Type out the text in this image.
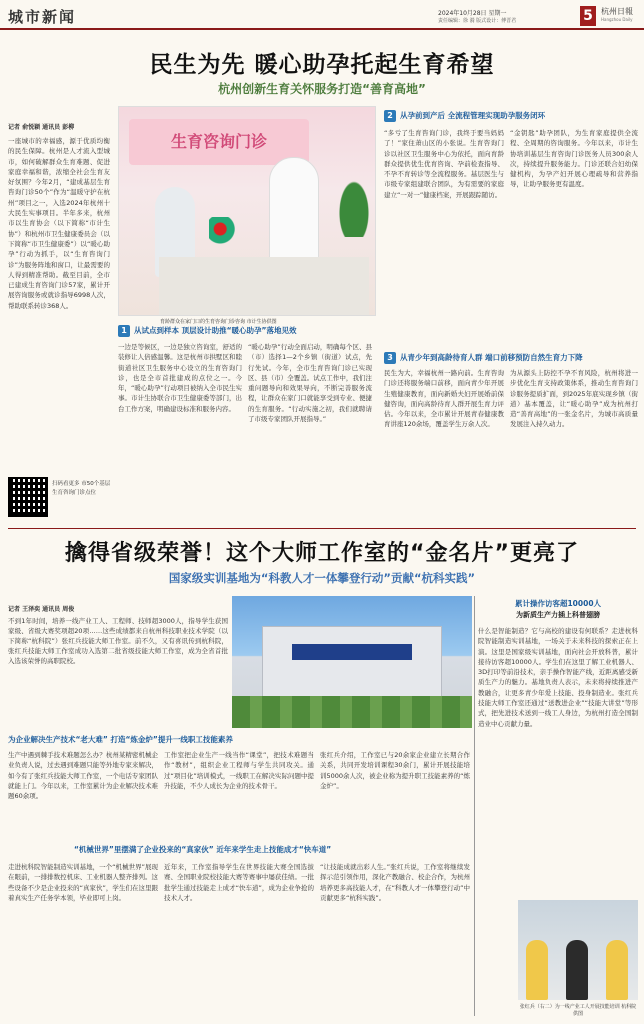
城市新闻	2024年10月28日 星期一
责任编辑：徐 漪 版式设计：傅晋君	5	杭州日報
Hangzhou Daily
民生为先 暖心助孕托起生育希望
杭州创新生育关怀服务打造“善育高地”
生育咨询门诊
育龄群众在家门口的生育咨询门诊咨询 市计生协供图
记者 俞悦颖 通讯员 彭柳
一座城市的幸福感，源于优质均衡的民生保障。杭州是人才流入型城市，如何破解群众生育难题、促进家庭幸福和谐，浓缩全社会生育友好氛围？今年2月，“建成基层生育咨询门诊50个”作为“温暖守护在杭州”项目之一，入选2024年杭州十大民生实事项目。半年多来，杭州市以生育协会（以下简称“市计生协”）和杭州市卫生健康委员会（以下简称“市卫生健康委”）以“暖心助孕”行动为抓手，以“生育咨询门诊”为服务阵地和窗口，让最需要的人得到精准帮助。截至目前，全市已建成生育咨询门诊57家，累计开展咨询服务或就诊指导6998人次，帮助联系转诊368人。
扫码看更多 市50个基层生育咨询门诊点位
2 从孕前到产后 全流程管理实现助孕服务闭环
“多亏了生育咨询门诊，我终于要当妈妈了！”家住萧山区的小张说。生育咨询门诊以社区卫生服务中心为依托，面向育龄群众提供优生优育咨询、孕前检查指导、不孕不育转诊等全流程服务。基层医生与市级专家组建联合团队，为有需要的家庭建立“一对一”健康档案，开展跟踪随访。
“金钥匙”助孕团队，为生育家庭提供全流程、全周期的咨询服务。今年以来，市计生协培训基层生育咨询门诊医务人员300余人次，持续提升服务能力。门诊还联合妇幼保健机构，为孕产妇开展心理疏导和营养指导，让助孕服务更有温度。
1 从试点到样本 顶层设计助推“暖心助孕”落地见效
一边是等候区，一边是独立咨询室，舒适的装修让人倍感温馨。这是杭州市拱墅区和睦街道社区卫生服务中心设立的生育咨询门诊，也是全市首批建成的点位之一。今年，“暖心助孕”行动项目被纳入全市民生实事。市计生协联合市卫生健康委等部门，出台工作方案，明确建设标准和服务内容。
“暖心助孕”行动全面启动，明确每个区、县（市）选择1—2个乡镇（街道）试点，先行先试。今年，全市生育咨询门诊已实现区、县（市）全覆盖。试点工作中，我们注重问题导向和效果导向，不断完善服务流程，让群众在家门口就能享受到专业、便捷的生育服务。“行动实施之初，我们就聘请了市级专家团队开展指导。”
3 从青少年到高龄待育人群 端口前移预防自然生育力下降
民生为大，幸福杭州一路向前。生育咨询门诊还将服务端口前移，面向青少年开展生殖健康教育，面向新婚夫妇开展婚前保健咨询，面向高龄待育人群开展生育力评估。今年以来，全市累计开展青春健康教育讲座120余场，覆盖学生万余人次。
为从源头上防控不孕不育风险，杭州将进一步优化生育支持政策体系，推动生育咨询门诊服务提质扩面，到2025年底实现乡镇（街道）基本覆盖，让“暖心助孕”成为杭州打造“善育高地”的一张金名片，为城市高质量发展注入持久动力。
擒得省级荣誉！这个大师工作室的“金名片”更亮了
国家级实训基地为“科教人才一体攀登行动”贡献“杭科实践”
记者 王泽奕 通讯员 周俊
不到1年时间，培养一线产业工人、工程师、技师超3000人，指导学生获国家级、省级大赛奖项超20项……这些成绩都来自杭州科技职业技术学院（以下简称“杭科院”）张红兵技能大师工作室。前不久，又有喜讯传到杭科院，张红兵技能大师工作室成功入选第二批省级技能大师工作室，成为全省首批入选该荣誉的高职院校。
累计操作访客超10000人
为新质生产力插上科普翅膀
什么是智能制造？它与高校的建设有何联系？走进杭科院智能制造实训基地，一场关于未来科技的探索正在上演。这里是国家级实训基地，面向社会开放科普，累计接待访客超10000人。学生们在这里了解工业机器人、3D打印等前沿技术，亲手操作智能产线，近距离感受新质生产力的魅力。基地负责人表示，未来将持续推进产教融合，让更多青少年爱上技能、投身制造业。张红兵技能大师工作室还通过“送教进企业”“技能大讲堂”等形式，把先进技术送到一线工人身边，为杭州打造全国制造业中心贡献力量。
张红兵（右二）为一线产业工人开展技能培训 杭科院供图
为企业解决生产技术“老大难” 打造“炼金炉”提升一线职工技能素养
生产中遇到棘手技术难题怎么办？杭州某精密机械企业负责人说，过去遇到难题只能等外地专家来解决，如今有了张红兵技能大师工作室，一个电话专家团队就能上门。今年以来，工作室累计为企业解决技术难题60余项。
工作室把企业生产一线当作“课堂”，把技术难题当作“教材”，组织企业工程师与学生共同攻关。通过“项目化”培训模式，一线职工在解决实际问题中提升技能，不少人成长为企业的技术骨干。
张红兵介绍，工作室已与20余家企业建立长期合作关系，共同开发培训课程30余门，累计开展技能培训5000余人次，被企业称为提升职工技能素养的“炼金炉”。
“机械世界”里摆满了企业投来的“真家伙” 近年来学生走上技能成才“快车道”
走进杭科院智能制造实训基地，一个“机械世界”展现在眼前，一排排数控机床、工业机器人整齐排列。这些设备不少是企业投来的“真家伙”，学生们在这里跟着真实生产任务学本领，毕业即可上岗。
近年来，工作室指导学生在世界技能大赛全国选拔赛、全国职业院校技能大赛等赛事中屡获佳绩。一批批学生通过技能走上成才“快车道”，成为企业争抢的技术人才。
“让技能成就出彩人生。”张红兵说，工作室将继续发挥示范引领作用，深化产教融合、校企合作，为杭州培养更多高技能人才，在“科教人才一体攀登行动”中贡献更多“杭科实践”。
